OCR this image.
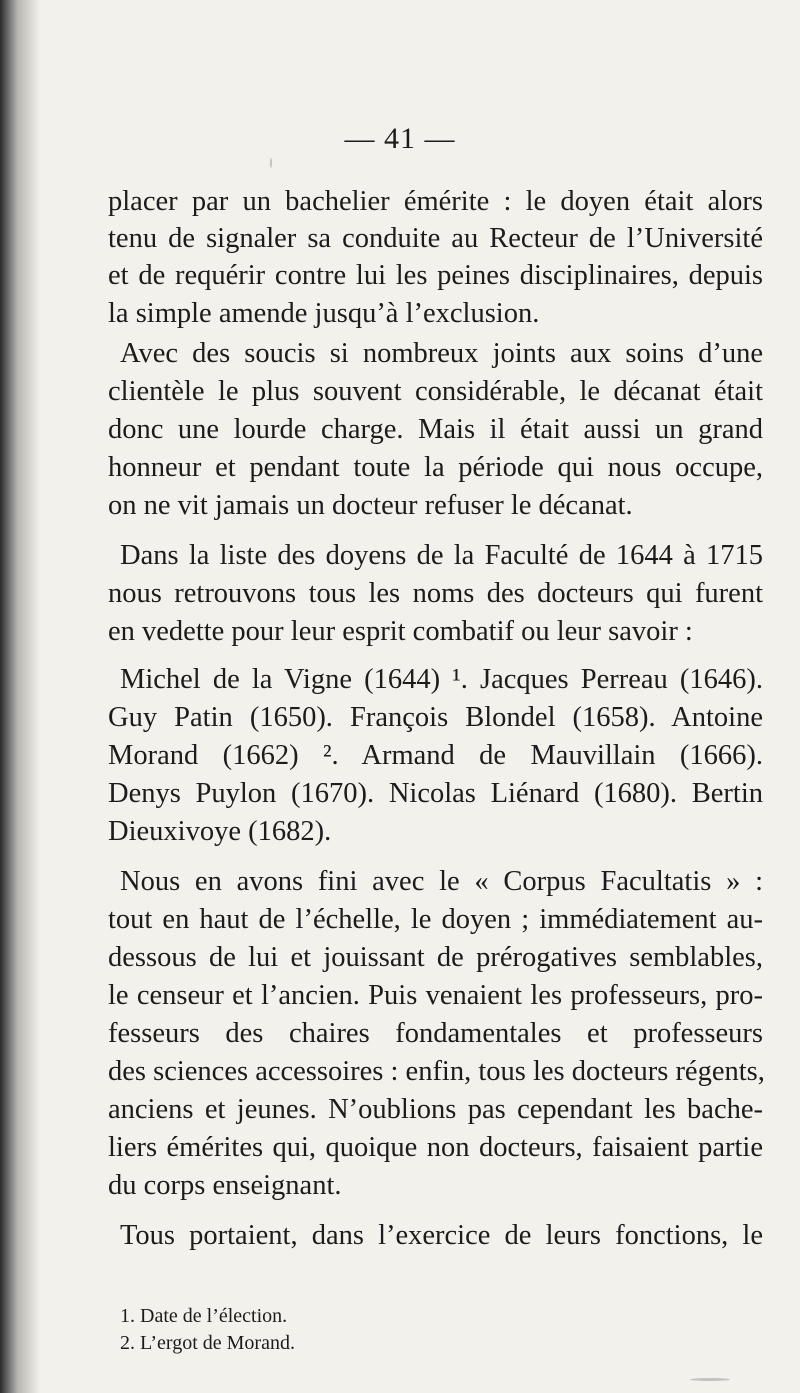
— 41 —
placer par un bachelier émérite : le doyen était alors
tenu de signaler sa conduite au Recteur de l’Université
et de requérir contre lui les peines disciplinaires, depuis
la simple amende jusqu’à l’exclusion.
Avec des soucis si nombreux joints aux soins d’une
clientèle le plus souvent considérable, le décanat était
donc une lourde charge. Mais il était aussi un grand
honneur et pendant toute la période qui nous occupe,
on ne vit jamais un docteur refuser le décanat.
Dans la liste des doyens de la Faculté de 1644 à 1715
nous retrouvons tous les noms des docteurs qui furent
en vedette pour leur esprit combatif ou leur savoir :
Michel de la Vigne (1644) ¹. Jacques Perreau (1646).
Guy Patin (1650). François Blondel (1658). Antoine
Morand (1662) ². Armand de Mauvillain (1666).
Denys Puylon (1670). Nicolas Liénard (1680). Bertin
Dieuxivoye (1682).
Nous en avons fini avec le « Corpus Facultatis » :
tout en haut de l’échelle, le doyen ; immédiatement au-
dessous de lui et jouissant de prérogatives semblables,
le censeur et l’ancien. Puis venaient les professeurs, pro-
fesseurs des chaires fondamentales et professeurs
des sciences accessoires : enfin, tous les docteurs régents,
anciens et jeunes. N’oublions pas cependant les bache-
liers émérites qui, quoique non docteurs, faisaient partie
du corps enseignant.
Tous portaient, dans l’exercice de leurs fonctions, le
1. Date de l’élection.
2. L’ergot de Morand.
